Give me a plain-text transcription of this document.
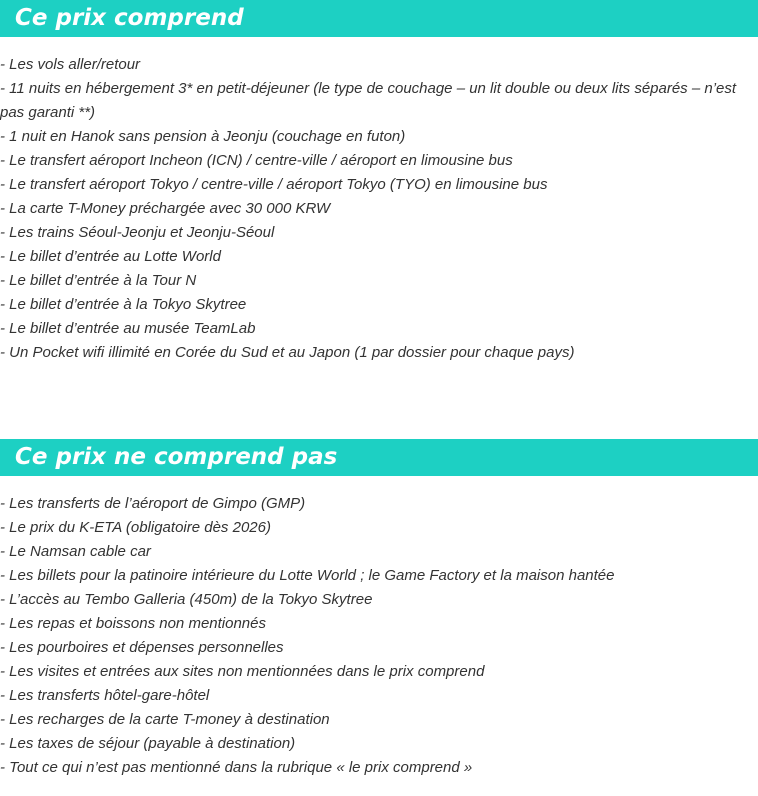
Ce prix comprend
- Les vols aller/retour
- 11 nuits en hébergement 3* en petit-déjeuner (le type de couchage – un lit double ou deux lits séparés – n’est pas garanti **)
- 1 nuit en Hanok sans pension à Jeonju (couchage en futon)
- Le transfert aéroport Incheon (ICN) / centre-ville / aéroport en limousine bus
- Le transfert aéroport Tokyo / centre-ville / aéroport Tokyo (TYO) en limousine bus
- La carte T-Money préchargée avec 30 000 KRW
- Les trains Séoul-Jeonju et Jeonju-Séoul
- Le billet d’entrée au Lotte World
- Le billet d’entrée à la Tour N
- Le billet d’entrée à la Tokyo Skytree
- Le billet d’entrée au musée TeamLab
- Un Pocket wifi illimité en Corée du Sud et au Japon (1 par dossier pour chaque pays)
Ce prix ne comprend pas
- Les transferts de l’aéroport de Gimpo (GMP)
- Le prix du K-ETA (obligatoire dès 2026)
- Le Namsan cable car
- Les billets pour la patinoire intérieure du Lotte World ; le Game Factory et la maison hantée
- L’accès au Tembo Galleria (450m) de la Tokyo Skytree
- Les repas et boissons non mentionnés
- Les pourboires et dépenses personnelles
- Les visites et entrées aux sites non mentionnées dans le prix comprend
- Les transferts hôtel-gare-hôtel
- Les recharges de la carte T-money à destination
- Les taxes de séjour (payable à destination)
- Tout ce qui n’est pas mentionné dans la rubrique « le prix comprend »
